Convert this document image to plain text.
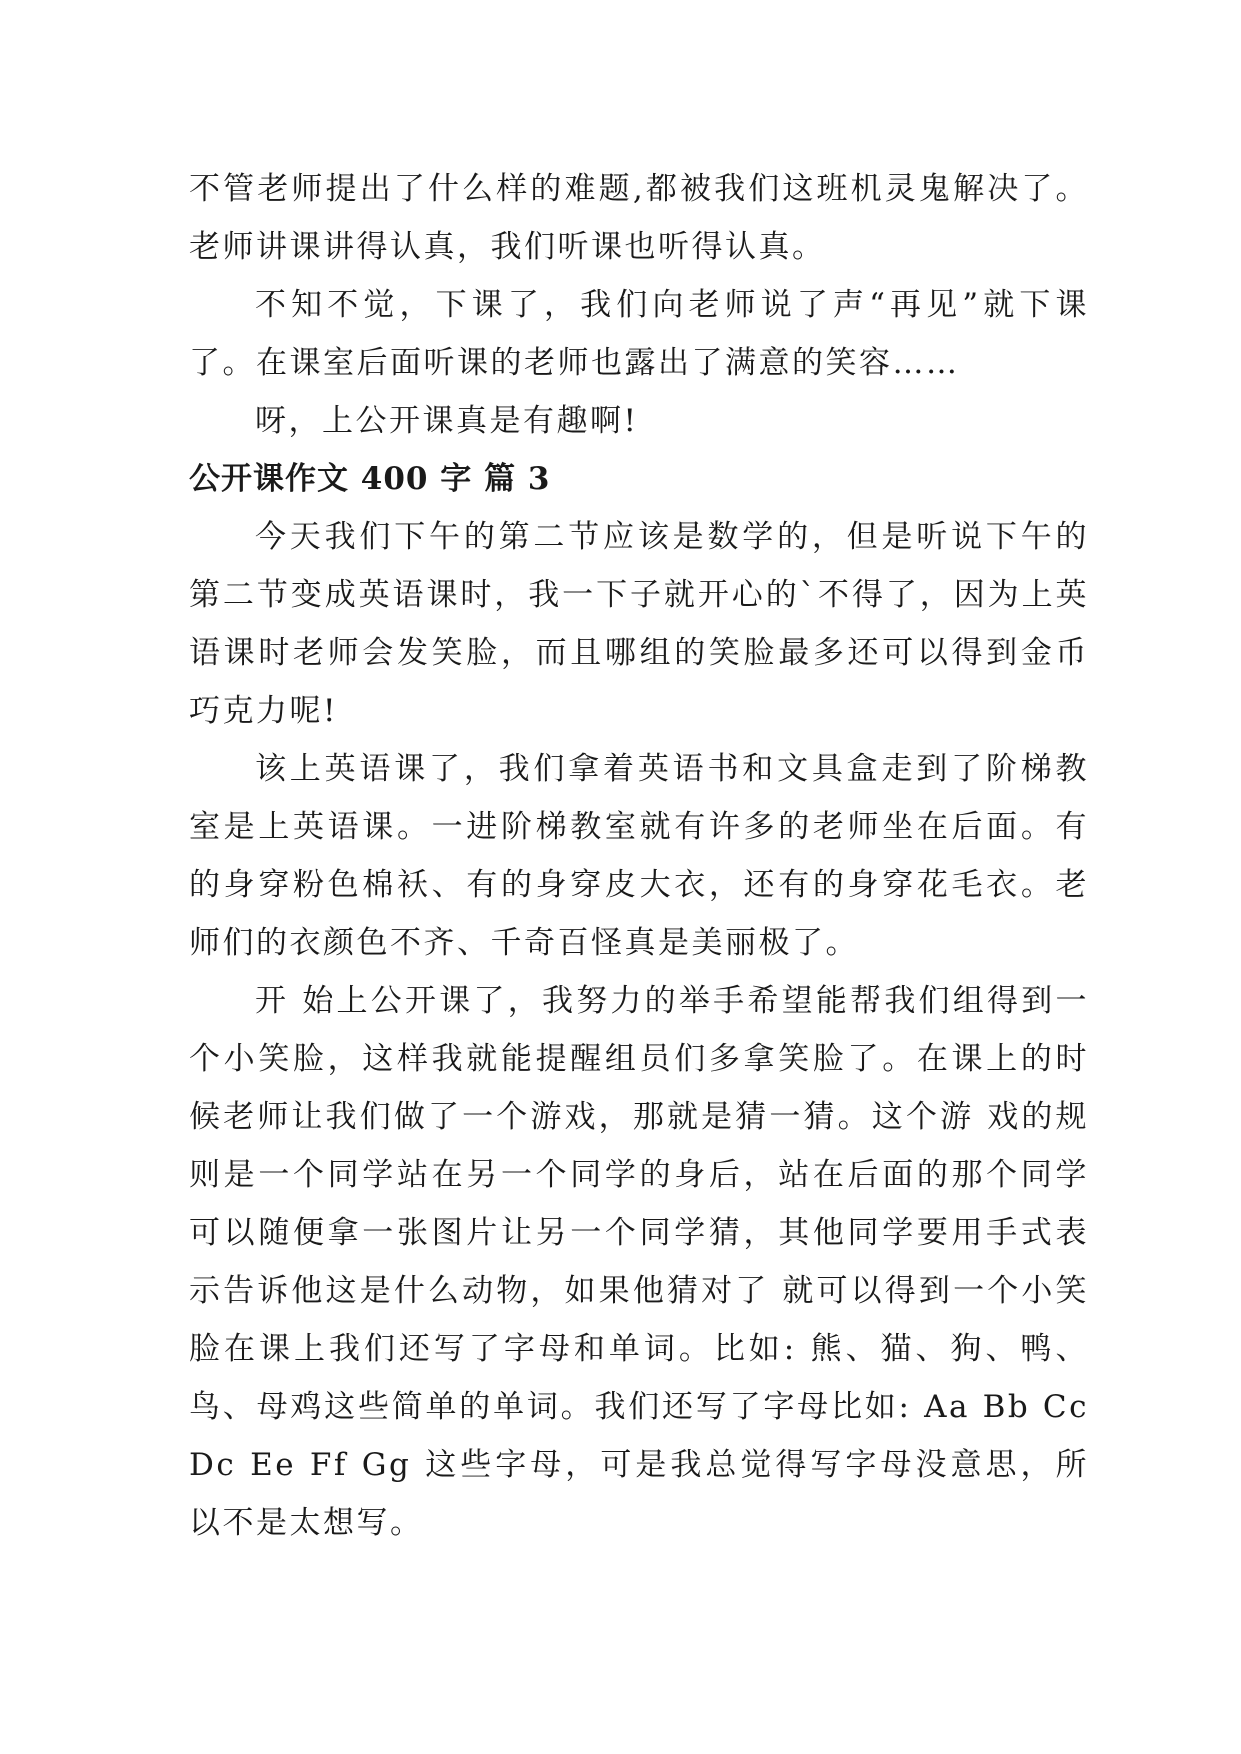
不管老师提出了什么样的难题,都被我们这班机灵鬼解决了。老师讲课讲得认真，我们听课也听得认真。

不知不觉，下课了，我们向老师说了声“再见”就下课了。在课室后面听课的老师也露出了满意的笑容……

呀，上公开课真是有趣啊!

公开课作文 400 字 篇 3

今天我们下午的第二节应该是数学的，但是听说下午的第二节变成英语课时，我一下子就开心的`不得了，因为上英语课时老师会发笑脸，而且哪组的笑脸最多还可以得到金币巧克力呢!

该上英语课了，我们拿着英语书和文具盒走到了阶梯教室是上英语课。一进阶梯教室就有许多的老师坐在后面。有的身穿粉色棉袄、有的身穿皮大衣，还有的身穿花毛衣。老师们的衣颜色不齐、千奇百怪真是美丽极了。

开 始上公开课了，我努力的举手希望能帮我们组得到一个小笑脸，这样我就能提醒组员们多拿笑脸了。在课上的时候老师让我们做了一个游戏，那就是猜一猜。这个游 戏的规则是一个同学站在另一个同学的身后，站在后面的那个同学可以随便拿一张图片让另一个同学猜，其他同学要用手式表示告诉他这是什么动物，如果他猜对了 就可以得到一个小笑脸在课上我们还写了字母和单词。比如: 熊、猫、狗、鸭、鸟、母鸡这些简单的单词。我们还写了字母比如: Aa Bb Cc Dc Ee Ff Gg 这些字母，可是我总觉得写字母没意思，所以不是太想写。
